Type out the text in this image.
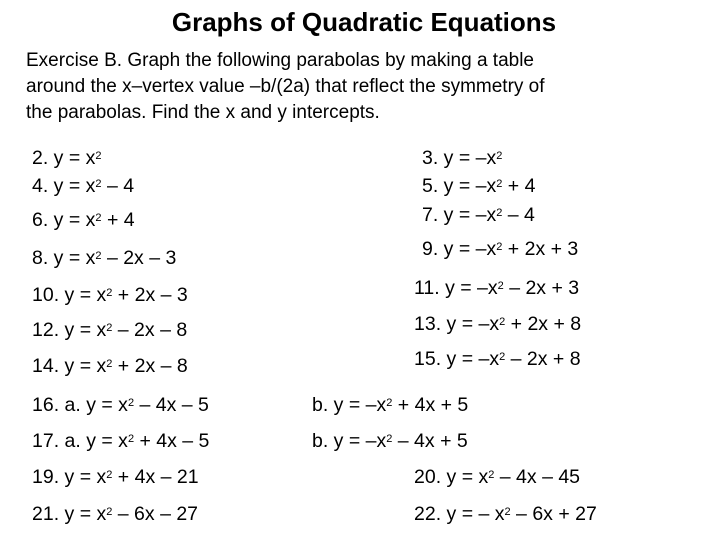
Graphs of Quadratic Equations
Exercise B. Graph the following parabolas by making a table
around the x–vertex value –b/(2a) that reflect the symmetry of
the parabolas. Find the x and y intercepts.
2. $y = x^2$	3. $y = -x^2$
4. $y = x^2 - 4$	5. $y = -x^2 + 4$
6. $y = x^2 + 4$	7. $y = -x^2 - 4$
8. $y = x^2 - 2x - 3$	9. $y = -x^2 + 2x + 3$
10. $y = x^2 + 2x - 3$	11. $y = -x^2 - 2x + 3$
12. $y = x^2 - 2x - 8$	13. $y = -x^2 + 2x + 8$
14. $y = x^2 + 2x - 8$	15. $y = -x^2 - 2x + 8$
16. a. $y = x^2 - 4x - 5$	b. $y = -x^2 + 4x + 5$
17. a. $y = x^2 + 4x - 5$	b. $y = -x^2 - 4x + 5$
19. $y = x^2 + 4x - 21$	20. $y = x^2 - 4x - 45$
21. $y = x^2 - 6x - 27$	22. y = – $x^2 - 6x + 27$
